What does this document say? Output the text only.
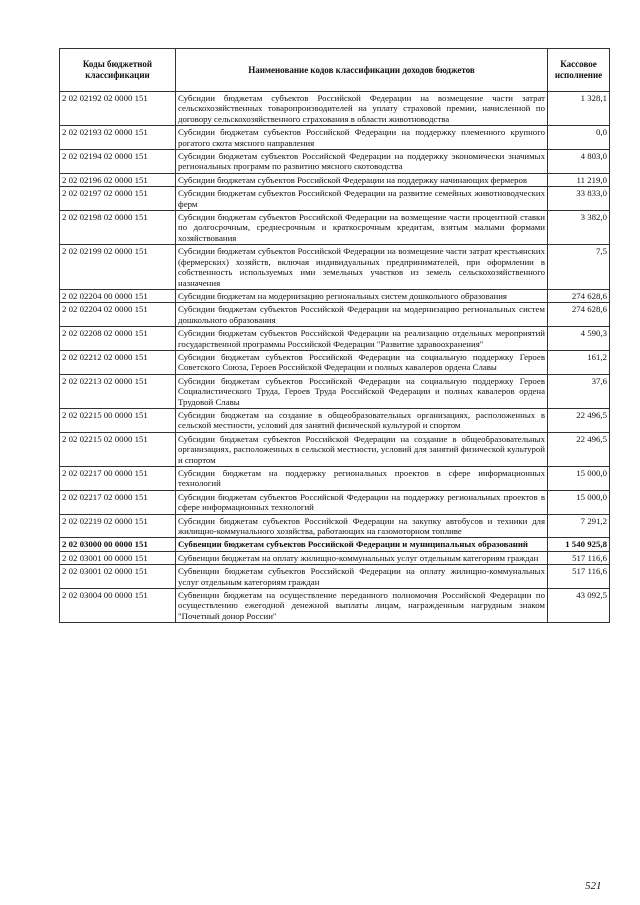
Коды бюджетной классификации	Наименование кодов классификации доходов бюджетов	Кассовое исполнение
2 02 02192 02 0000 151	Субсидии бюджетам субъектов Российской Федерации на возмещение части затрат сельскохозяйственных товаропроизводителей на уплату страховой премии, начисленной по договору сельскохозяйственного страхования в области животноводства	1 328,1
2 02 02193 02 0000 151	Субсидии бюджетам субъектов Российской Федерации на поддержку племенного крупного рогатого скота мясного направления	0,0
2 02 02194 02 0000 151	Субсидии бюджетам субъектов Российской Федерации на поддержку экономически значимых региональных программ по развитию мясного скотоводства	4 803,0
2 02 02196 02 0000 151	Субсидии бюджетам субъектов Российской Федерации на поддержку начинающих фермеров	11 219,0
2 02 02197 02 0000 151	Субсидии бюджетам субъектов Российской Федерации на развитие семейных животноводческих ферм	33 833,0
2 02 02198 02 0000 151	Субсидии бюджетам субъектов Российской Федерации на возмещение части процентной ставки по долгосрочным, среднесрочным и краткосрочным кредитам, взятым малыми формами хозяйствования	3 382,0
2 02 02199 02 0000 151	Субсидии бюджетам субъектов Российской Федерации на возмещение части затрат крестьянских (фермерских) хозяйств, включая индивидуальных предпринимателей, при оформлении в собственность используемых ими земельных участков из земель сельскохозяйственного назначения	7,5
2 02 02204 00 0000 151	Субсидии бюджетам на модернизацию региональных систем дошкольного образования	274 628,6
2 02 02204 02 0000 151	Субсидии бюджетам субъектов Российской Федерации на модернизацию региональных систем дошкольного образования	274 628,6
2 02 02208 02 0000 151	Субсидии бюджетам субъектов Российской Федерации на реализацию отдельных мероприятий государственной программы Российской Федерации "Развитие здравоохранения"	4 590,3
2 02 02212 02 0000 151	Субсидии бюджетам субъектов Российской Федерации на социальную поддержку Героев Советского Союза, Героев Российской Федерации и полных кавалеров ордена Славы	161,2
2 02 02213 02 0000 151	Субсидии бюджетам субъектов Российской Федерации на социальную поддержку Героев Социалистического Труда, Героев Труда Российской Федерации и полных кавалеров ордена Трудовой Славы	37,6
2 02 02215 00 0000 151	Субсидии бюджетам на создание в общеобразовательных организациях, расположенных в сельской местности, условий для занятий физической культурой и спортом	22 496,5
2 02 02215 02 0000 151	Субсидии бюджетам субъектов Российской Федерации на создание в общеобразовательных организациях, расположенных в сельской местности, условий для занятий физической культурой и спортом	22 496,5
2 02 02217 00 0000 151	Субсидии бюджетам на поддержку региональных проектов в сфере информационных технологий	15 000,0
2 02 02217 02 0000 151	Субсидии бюджетам субъектов Российской Федерации на поддержку региональных проектов в сфере информационных технологий	15 000,0
2 02 02219 02 0000 151	Субсидии бюджетам субъектов Российской Федерации на закупку автобусов и техники для жилищно-коммунального хозяйства, работающих на газомоторном топливе	7 291,2
2 02 03000 00 0000 151	Субвенции бюджетам субъектов Российской Федерации и муниципальных образований	1 540 925,8
2 02 03001 00 0000 151	Субвенции бюджетам на оплату жилищно-коммунальных услуг отдельным категориям граждан	517 116,6
2 02 03001 02 0000 151	Субвенции бюджетам субъектов Российской Федерации на оплату жилищно-коммунальных услуг отдельным категориям граждан	517 116,6
2 02 03004 00 0000 151	Субвенции бюджетам на осуществление переданного полномочия Российской Федерации по осуществлению ежегодной денежной выплаты лицам, награжденным нагрудным знаком "Почетный донор России"	43 092,5
521
